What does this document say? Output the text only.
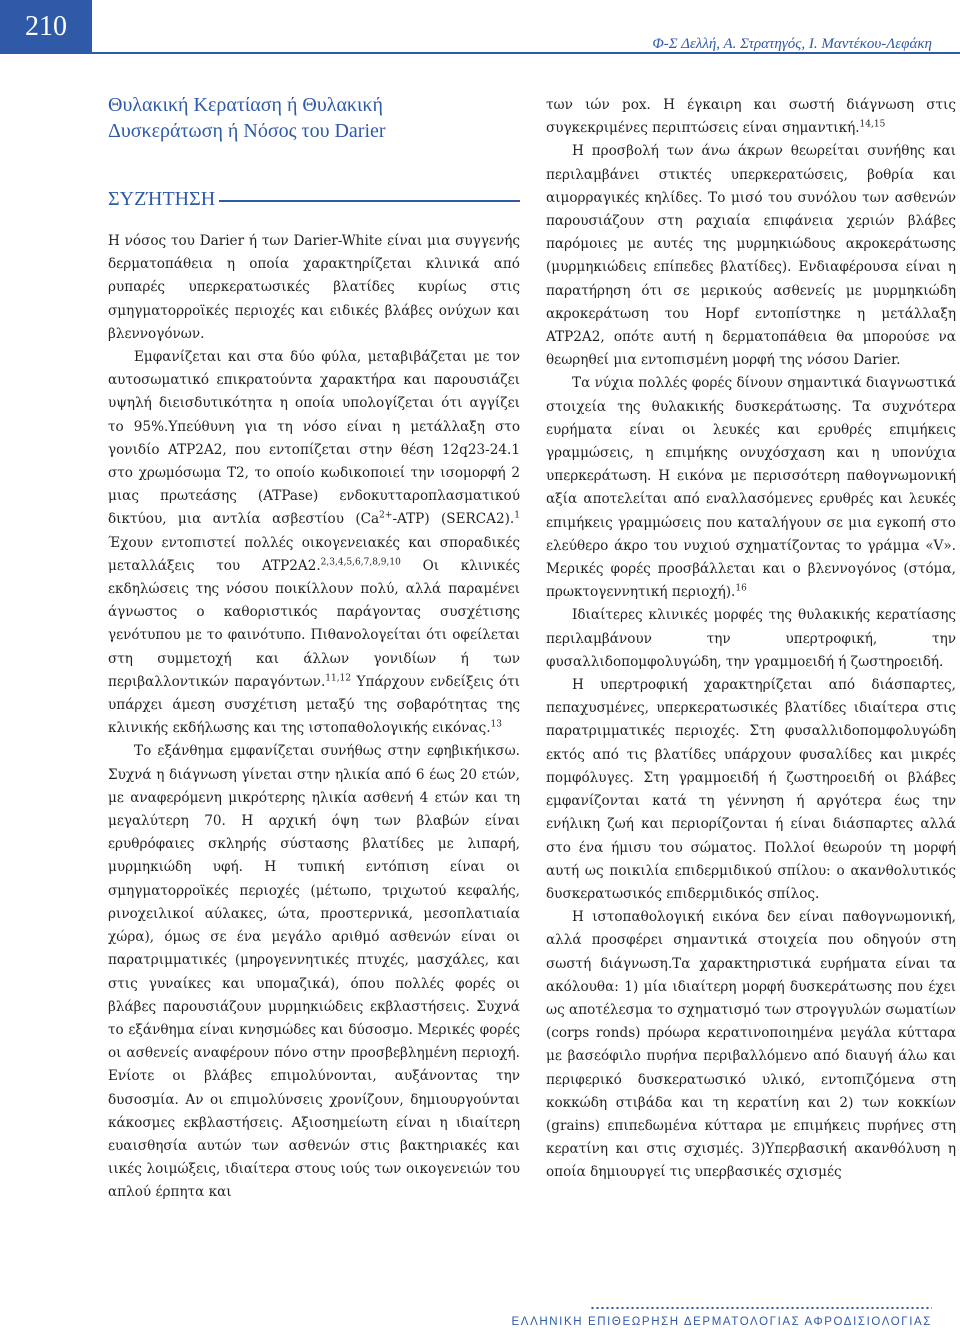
210
Φ-Σ Δελλή, Α. Στρατηγός, Ι. Μαντέκου-Λεφάκη
Θυλακική Κερατίαση ή Θυλακική
Δυσκεράτωση ή Νόσος του Darier
ΣΥΖΉΤΗΣΗ

Η νόσος του Darier ή των Darier-White είναι μια συγγενής δερματοπάθεια η οποία χαρακτηρίζεται κλινικά από ρυπαρές υπερκερατωσικές βλατίδες κυρίως στις σμηγματορροϊκές περιοχές και ειδικές βλάβες ονύχων και βλεννογόνων.

Εμφανίζεται και στα δύο φύλα, μεταβιβάζεται με τον αυτοσωματικό επικρατούντα χαρακτήρα και παρουσιάζει υψηλή διεισδυτικότητα η οποία υπολογίζεται ότι αγγίζει το 95%.Υπεύθυνη για τη νόσο είναι η μετάλλαξη στο γονιδίο ATP2A2, που εντοπίζεται στην θέση 12q23-24.1 στο χρωμόσωμα Τ2, το οποίο κωδικοποιεί την ισομορφή 2 μιας πρωτεάσης (ATPase) ενδοκυτταροπλασματικού δικτύου, μια αντλία ασβεστίου $(Ca^{2+}-ATP)$ (SERCA2).$^1$ Έχουν εντοπιστεί πολλές οικογενειακές και σποραδικές μεταλλάξεις του ATP2A2.$^{2,3,4,5,6,7,8,9,10}$ Οι κλινικές εκδηλώσεις της νόσου ποικίλλουν πολύ, αλλά παραμένει άγνωστος ο καθοριστικός παράγοντας συσχέτισης γενότυπου με το φαινότυπο. Πιθανολογείται ότι οφείλεται στη συμμετοχή και άλλων γονιδίων ή των περιβαλλοντικών παραγόντων.$^{11,12}$ Υπάρχουν ενδείξεις ότι υπάρχει άμεση συσχέτιση μεταξύ της σοβαρότητας της κλινικής εκδήλωσης και της ιστοπαθολογικής εικόνας.$^{13}$

Το εξάνθημα εμφανίζεται συνήθως στην εφηβικήικσω. Συχνά η διάγνωση γίνεται στην ηλικία από 6 έως 20 ετών, με αναφερόμενη μικρότερης ηλικία ασθενή 4 ετών και τη μεγαλύτερη 70. Η αρχική όψη των βλαβών είναι ερυθρόφαιες σκληρής σύστασης βλατίδες με λιπαρή, μυρμηκιώδη υφή. Η τυπική εντόπιση είναι οι σμηγματορροϊκές περιοχές (μέτωπο, τριχωτού κεφαλής, ρινοχειλικοί αύλακες, ώτα, προστερνικά, μεσοπλατιαία χώρα), όμως σε ένα μεγάλο αριθμό ασθενών είναι οι παρατριμματικές (μηρογεννητικές πτυχές, μασχάλες, και στις γυναίκες και υπομαζικά), όπου πολλές φορές οι βλάβες παρουσιάζουν μυρμηκιώδεις εκβλαστήσεις. Συχνά το εξάνθημα είναι κνησμώδες και δύσοσμο. Μερικές φορές οι ασθενείς αναφέρουν πόνο στην προσβεβλημένη περιοχή. Ενίοτε οι βλάβες επιμολύνονται, αυξάνοντας την δυσοσμία. Αν οι επιμολύνσεις χρονίζουν, δημιουργούνται κάκοσμες εκβλαστήσεις. Αξιοσημείωτη είναι η ιδιαίτερη ευαισθησία αυτών των ασθενών στις βακτηριακές και ιικές λοιμώξεις, ιδιαίτερα στους ιούς των οικογενειών του απλού έρπητα και

των ιών pox. Η έγκαιρη και σωστή διάγνωση στις συγκεκριμένες περιπτώσεις είναι σημαντική.$^{14,15}$

Η προσβολή των άνω άκρων θεωρείται συνήθης και περιλαμβάνει στικτές υπερκερατώσεις, βοθρία και αιμορραγικές κηλίδες. Το μισό του συνόλου των ασθενών παρουσιάζουν στη ραχιαία επιφάνεια χεριών βλάβες παρόμοιες με αυτές της μυρμηκιώδους ακροκεράτωσης (μυρμηκιώδεις επίπεδες βλατίδες). Ενδιαφέρουσα είναι η παρατήρηση ότι σε μερικούς ασθενείς με μυρμηκιώδη ακροκεράτωση του Hopf εντοπίστηκε η μετάλλαξη ATP2A2, οπότε αυτή η δερματοπάθεια θα μπορούσε να θεωρηθεί μια εντοπισμένη μορφή της νόσου Darier.

Τα νύχια πολλές φορές δίνουν σημαντικά διαγνωστικά στοιχεία της θυλακικής δυσκεράτωσης. Τα συχνότερα ευρήματα είναι οι λευκές και ερυθρές επιμήκεις γραμμώσεις, η επιμήκης ονυχόσχαση και η υπονύχια υπερκεράτωση. Η εικόνα με περισσότερη παθογνωμονική αξία αποτελείται από εναλλασόμενες ερυθρές και λευκές επιμήκεις γραμμώσεις που καταλήγουν σε μια εγκοπή στο ελεύθερο άκρο του νυχιού σχηματίζοντας το γράμμα «V». Μερικές φορές προσβάλλεται και ο βλεννογόνος (στόμα, πρωκτογεννητική περιοχή).$^{16}$

Ιδιαίτερες κλινικές μορφές της θυλακικής κερατίασης περιλαμβάνουν την υπερτροφική, την φυσαλλιδοπομφολυγώδη, την γραμμοειδή ή ζωστηροειδή.

Η υπερτροφική χαρακτηρίζεται από διάσπαρτες, πεπαχυσμένες, υπερκερατωσικές βλατίδες ιδιαίτερα στις παρατριμματικές περιοχές. Στη φυσαλλιδοπομφολυγώδη εκτός από τις βλατίδες υπάρχουν φυσαλίδες και μικρές πομφόλυγες. Στη γραμμοειδή ή ζωστηροειδή οι βλάβες εμφανίζονται κατά τη γέννηση ή αργότερα έως την ενήλικη ζωή και περιορίζονται ή είναι διάσπαρτες αλλά στο ένα ήμισυ του σώματος. Πολλοί θεωρούν τη μορφή αυτή ως ποικιλία επιδερμιδικού σπίλου: ο ακανθολυτικός δυσκερατωσικός επιδερμιδικός σπίλος.

Η ιστοπαθολογική εικόνα δεν είναι παθογνωμονική, αλλά προσφέρει σημαντικά στοιχεία που οδηγούν στη σωστή διάγνωση.Τα χαρακτηριστικά ευρήματα είναι τα ακόλουθα: 1) μία ιδιαίτερη μορφή δυσκεράτωσης που έχει ως αποτέλεσμα το σχηματισμό των στρογγυλών σωματίων (corps ronds) πρόωρα κερατινοποιημένα μεγάλα κύτταρα με βασεόφιλο πυρήνα περιβαλλόμενο από διαυγή άλω και περιφερικό δυσκερατωσικό υλικό, εντοπιζόμενα στη κοκκώδη στιβάδα και τη κερατίνη και 2) των κοκκίων (grains) επιπεδωμένα κύτταρα με επιμήκεις πυρήνες στη κερατίνη και στις σχισμές. 3)Υπερβασική ακανθόλυση η οποία δημιουργεί τις υπερβασικές σχισμές

ΕΛΛΗΝΙΚΗ ΕΠΙΘΕΩΡΗΣΗ ΔΕΡΜΑΤΟΛΟΓΙΑΣ ΑΦΡΟΔΙΣΙΟΛΟΓΙΑΣ
